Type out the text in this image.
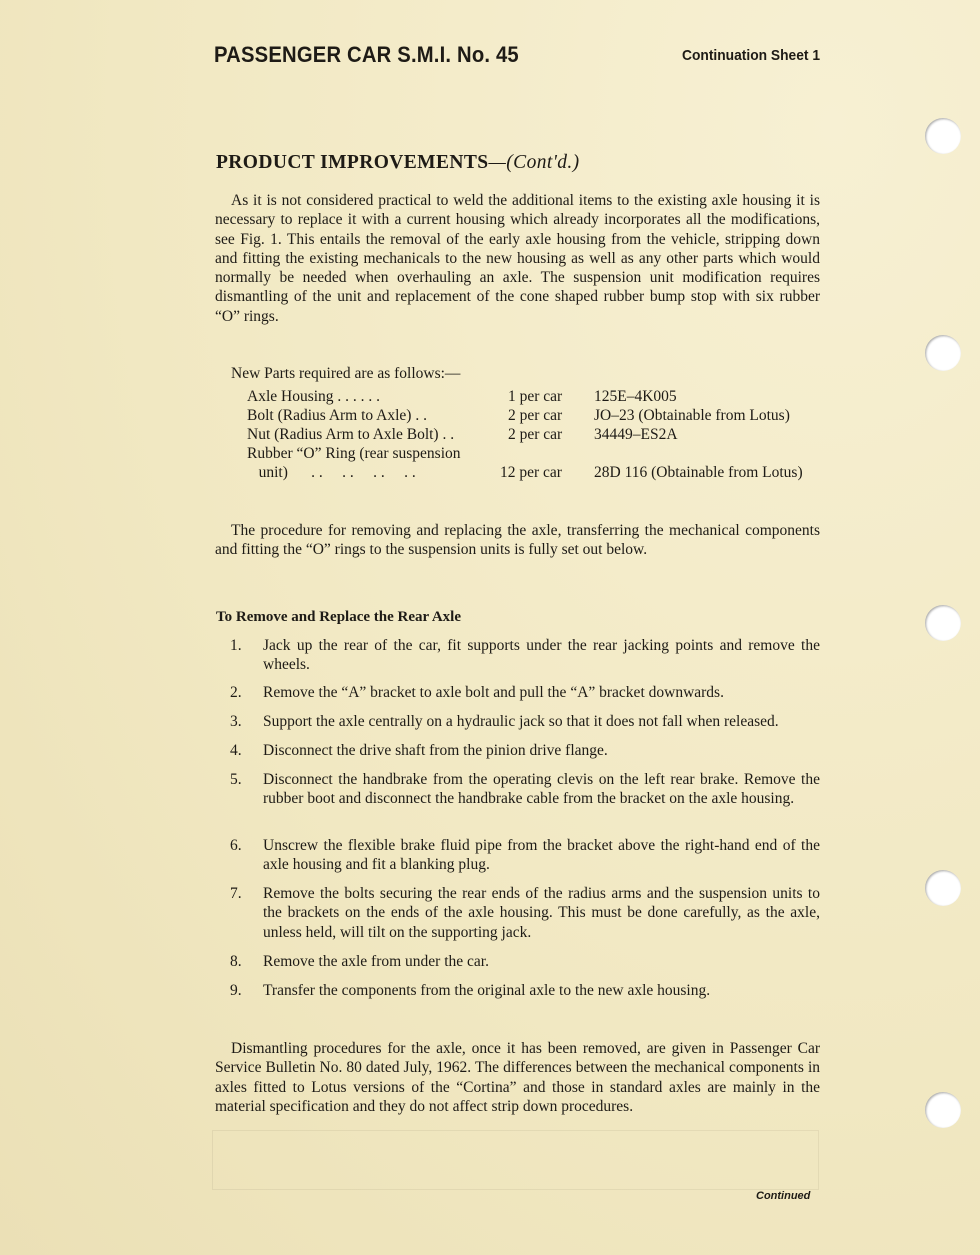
PASSENGER CAR S.M.I. No. 45	Continuation Sheet 1
PRODUCT IMPROVEMENTS—(Cont'd.)
As it is not considered practical to weld the additional items to the existing axle housing it is necessary to replace it with a current housing which already incorporates all the modifications, see Fig. 1. This entails the removal of the early axle housing from the vehicle, stripping down and fitting the existing mechanicals to the new housing as well as any other parts which would normally be needed when overhauling an axle. The suspension unit modification requires dismantling of the unit and replacement of the cone shaped rubber bump stop with six rubber “O” rings.
New Parts required are as follows:—
Axle Housing . . . . . .	1 per car 125E–4K005
Bolt (Radius Arm to Axle) . .	2 per car JO–23 (Obtainable from Lotus)
Nut (Radius Arm to Axle Bolt) . .	2 per car 34449–ES2A
Rubber “O” Ring (rear suspension
unit)      . .     . .     . .     . .	12 per car 28D 116 (Obtainable from Lotus)
The procedure for removing and replacing the axle, transferring the mechanical components and fitting the “O” rings to the suspension units is fully set out below.
To Remove and Replace the Rear Axle
1. Jack up the rear of the car, fit supports under the rear jacking points and remove the wheels.
2. Remove the “A” bracket to axle bolt and pull the “A” bracket downwards.
3. Support the axle centrally on a hydraulic jack so that it does not fall when released.
4. Disconnect the drive shaft from the pinion drive flange.
5. Disconnect the handbrake from the operating clevis on the left rear brake. Remove the rubber boot and disconnect the handbrake cable from the bracket on the axle housing.
6. Unscrew the flexible brake fluid pipe from the bracket above the right-hand end of the axle housing and fit a blanking plug.
7. Remove the bolts securing the rear ends of the radius arms and the suspension units to the brackets on the ends of the axle housing. This must be done carefully, as the axle, unless held, will tilt on the supporting jack.
8. Remove the axle from under the car.
9. Transfer the components from the original axle to the new axle housing.
Dismantling procedures for the axle, once it has been removed, are given in Passenger Car Service Bulletin No. 80 dated July, 1962. The differences between the mechanical components in axles fitted to Lotus versions of the “Cortina” and those in standard axles are mainly in the material specification and they do not affect strip down procedures.
Continued
